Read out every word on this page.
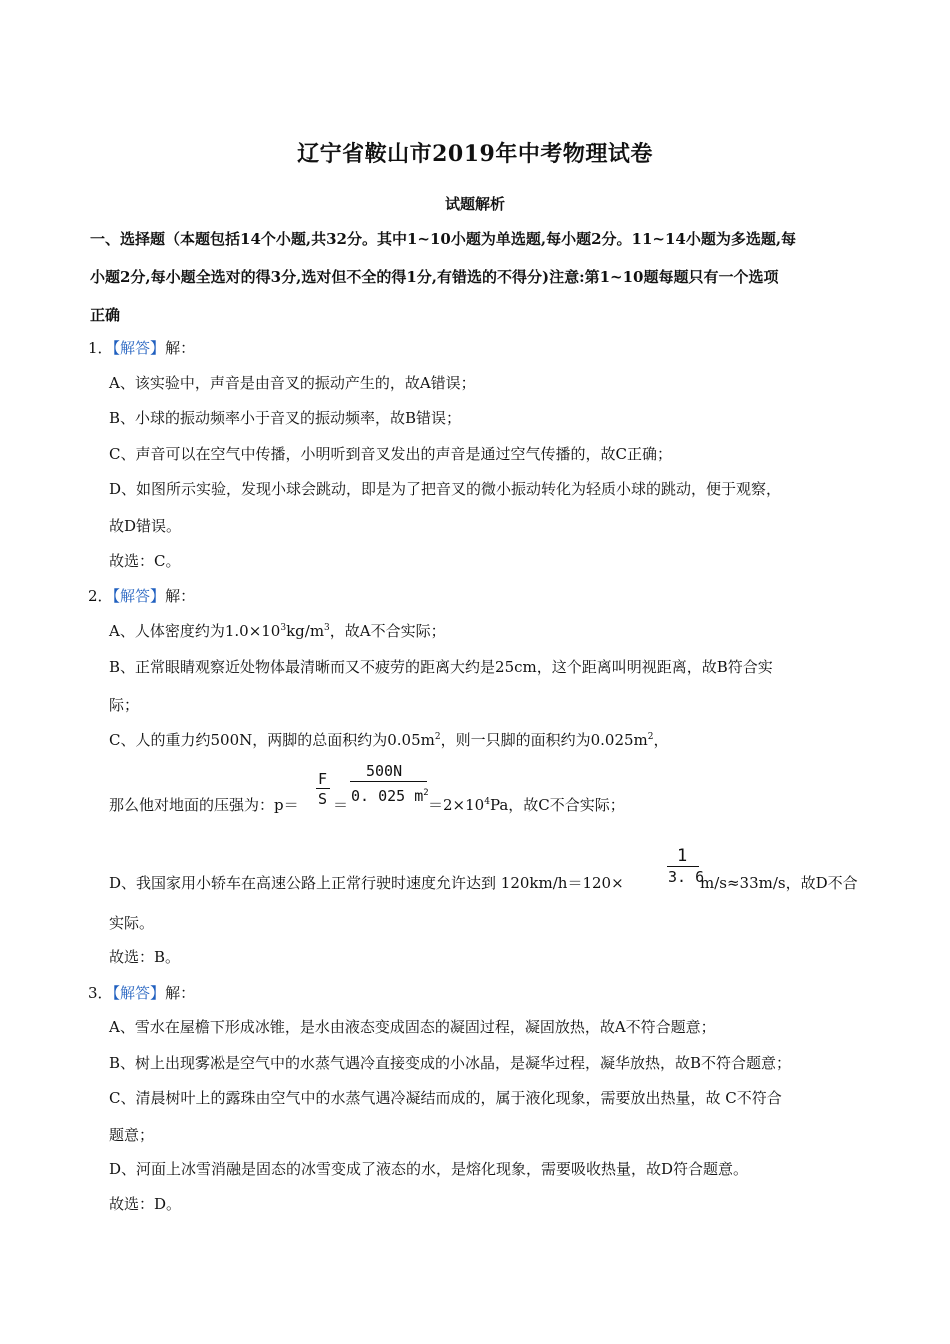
辽宁省鞍山市2019年中考物理试卷
试题解析
一、选择题（本题包括14个小题,共32分。其中1~10小题为单选题,每小题2分。11~14小题为多选题,每
小题2分,每小题全选对的得3分,选对但不全的得1分,有错选的不得分)注意:第1~10题每题只有一个选项
正确
1．【解答】解：
A、该实验中，声音是由音叉的振动产生的，故A错误；
B、小球的振动频率小于音叉的振动频率，故B错误；
C、声音可以在空气中传播，小明听到音叉发出的声音是通过空气传播的，故C正确；
D、如图所示实验，发现小球会跳动，即是为了把音叉的微小振动转化为轻质小球的跳动，便于观察，
故D错误。
故选：C。
2．【解答】解：
A、人体密度约为$1.0\times 10^3kg/m^3$，故A不合实际；
B、正常眼睛观察近处物体最清晰而又不疲劳的距离大约是25cm，这个距离叫明视距离，故B符合实
际；
C、人的重力约500N，两脚的总面积约为$0.05m^2$，则一只脚的面积约为$0.025m^2$，
那么他对地面的压强为：p＝
F
S ＝
500N
0. 025 $m^2$
$=2\times 10^4Pa$，故C不合实际；
D、我国家用小轿车在高速公路上正常行驶时速度允许达到 120km/h＝120×
1
3. 6
m/s≈33m/s，故D不合
实际。
故选：B。
3．【解答】解：
A、雪水在屋檐下形成冰锥，是水由液态变成固态的凝固过程，凝固放热，故A不符合题意；
B、树上出现雾凇是空气中的水蒸气遇冷直接变成的小冰晶，是凝华过程，凝华放热，故B不符合题意；
C、清晨树叶上的露珠由空气中的水蒸气遇冷凝结而成的，属于液化现象，需要放出热量，故 C不符合
题意；
D、河面上冰雪消融是固态的冰雪变成了液态的水，是熔化现象，需要吸收热量，故D符合题意。
故选：D。
